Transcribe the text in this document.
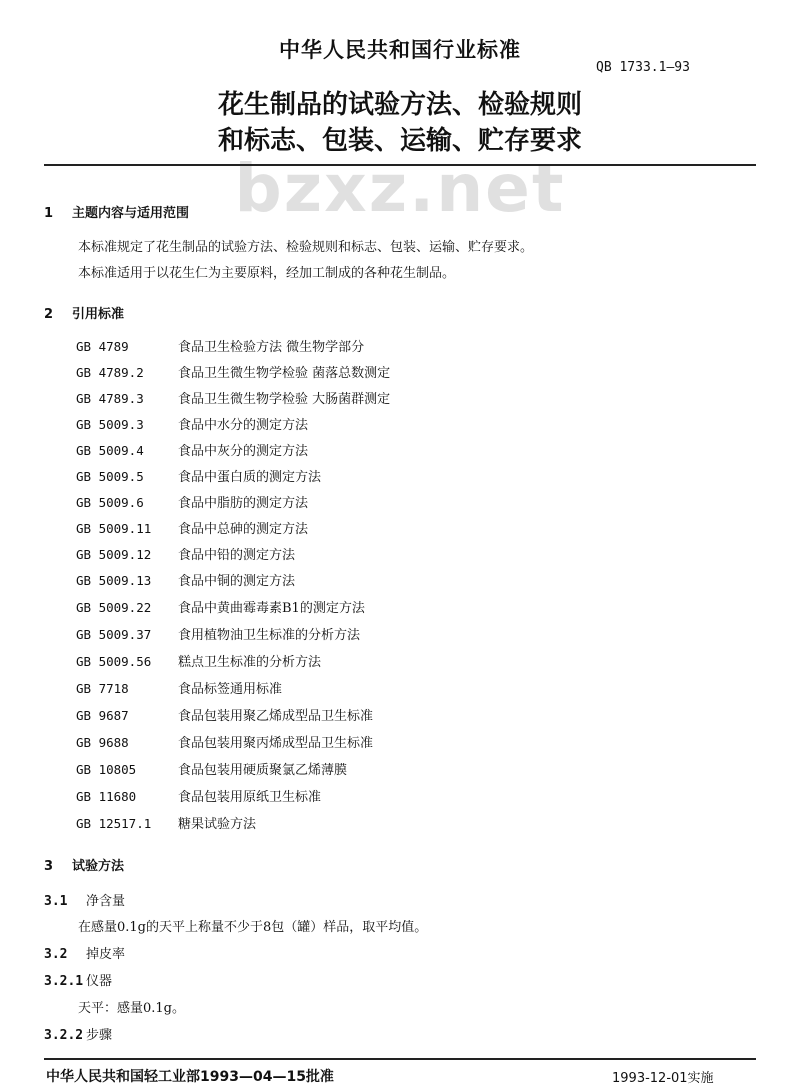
bzxz.net
中华人民共和国行业标准
QB 1733.1—93
花生制品的试验方法、检验规则
和标志、包装、运输、贮存要求
1 主题内容与适用范围
本标准规定了花生制品的试验方法、检验规则和标志、包装、运输、贮存要求。
本标准适用于以花生仁为主要原料，经加工制成的各种花生制品。
2 引用标准
GB 4789	食品卫生检验方法 微生物学部分
GB 4789.2	食品卫生微生物学检验 菌落总数测定
GB 4789.3	食品卫生微生物学检验 大肠菌群测定
GB 5009.3	食品中水分的测定方法
GB 5009.4	食品中灰分的测定方法
GB 5009.5	食品中蛋白质的测定方法
GB 5009.6	食品中脂肪的测定方法
GB 5009.11 食品中总砷的测定方法
GB 5009.12 食品中铅的测定方法
GB 5009.13 食品中铜的测定方法
GB 5009.22 食品中黄曲霉毒素B1的测定方法
GB 5009.37 食用植物油卫生标准的分析方法
GB 5009.56 糕点卫生标准的分析方法
GB 7718	食品标签通用标准
GB 9687	食品包装用聚乙烯成型品卫生标准
GB 9688	食品包装用聚丙烯成型品卫生标准
GB 10805	食品包装用硬质聚氯乙烯薄膜
GB 11680	食品包装用原纸卫生标准
GB 12517.1 糖果试验方法
3 试验方法
3.1 净含量
在感量0.1g的天平上称量不少于8包（罐）样品，取平均值。
3.2 掉皮率
3.2.1 仪器
天平：感量0.1g。
3.2.2 步骤
中华人民共和国轻工业部1993—04—15批准	1993-12-01实施
